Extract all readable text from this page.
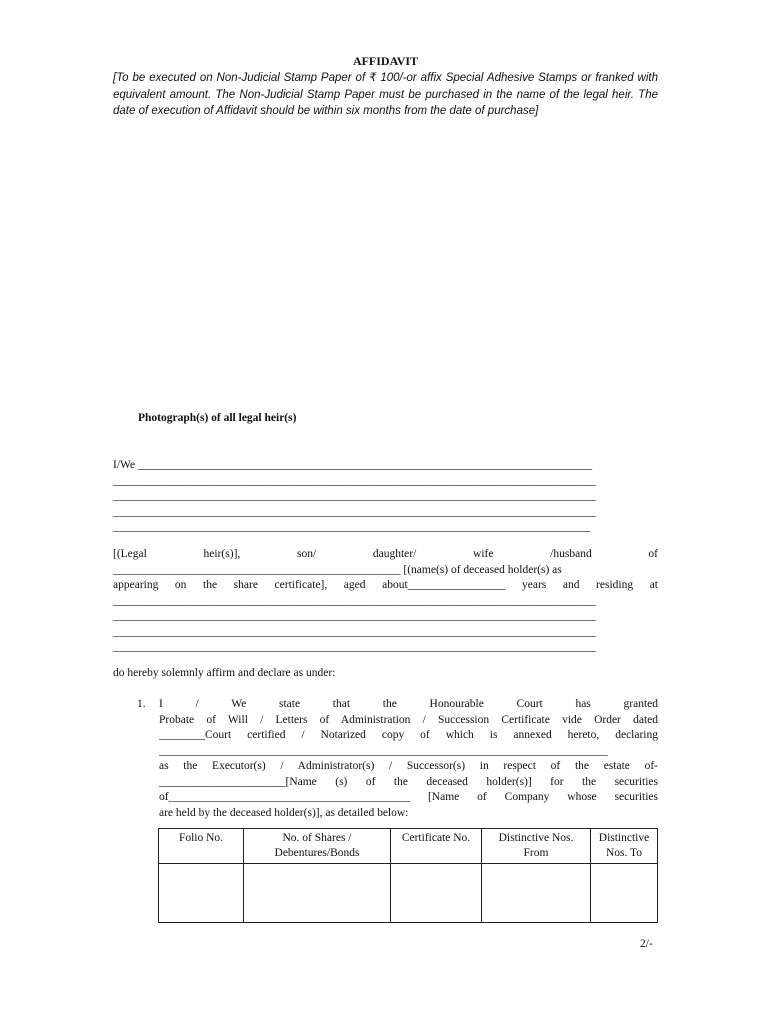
AFFIDAVIT

[To be executed on Non-Judicial Stamp Paper of ₹ 100/-or affix Special Adhesive Stamps or franked with equivalent amount. The Non-Judicial Stamp Paper must be purchased in the name of the legal heir. The date of execution of Affidavit should be within six months from the date of purchase]

Photograph(s) of all legal heir(s)
I/We _______________________________________________________________________________
____________________________________________________________________________________
____________________________________________________________________________________
____________________________________________________________________________________
___________________________________________________________________________________
[(Legal heir(s)], son/ daughter/ wife /husband of
__________________________________________________ [(name(s) of deceased holder(s) as
appearing on the share certificate], aged about_________________ years and residing at
____________________________________________________________________________________
____________________________________________________________________________________
____________________________________________________________________________________
____________________________________________________________________________________
do hereby solemnly affirm and declare as under:
1. I / We state that the Honourable Court has granted
Probate of Will / Letters of Administration / Succession Certificate vide Order dated
________Court certified / Notarized copy of which is annexed hereto, declaring
______________________________________________________________________________
as the Executor(s) / Administrator(s) / Successor(s) in respect of the estate of-
______________________[Name (s) of the deceased holder(s)] for the securities
of__________________________________________ [Name of Company whose securities
are held by the deceased holder(s)], as detailed below:
Folio No.	No. of Shares / Debentures/Bonds	Certificate No.	Distinctive Nos. From	Distinctive Nos. To

2/-
